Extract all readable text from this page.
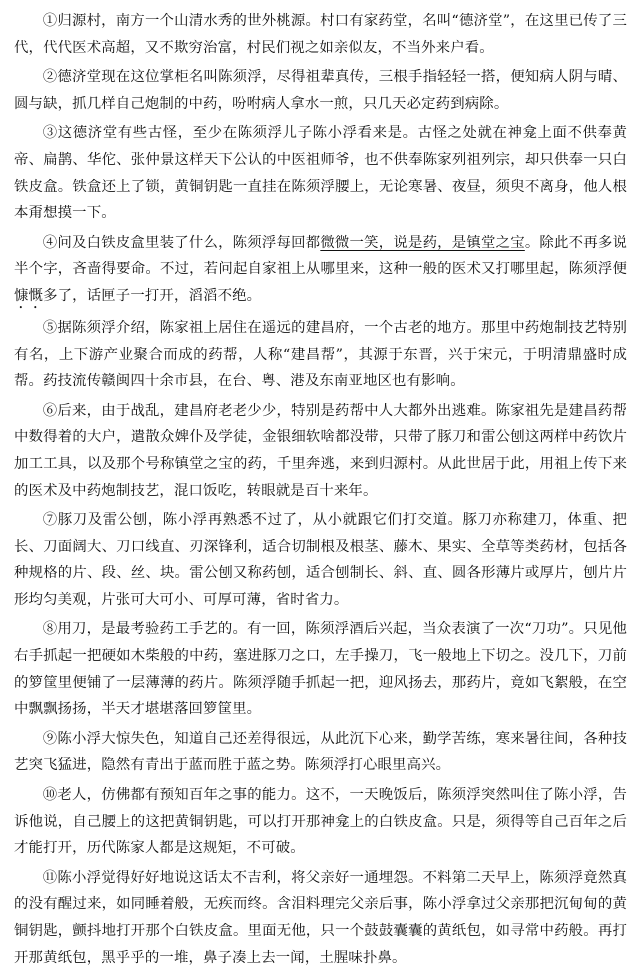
①归源村，南方一个山清水秀的世外桃源。村口有家药堂，名叫“德济堂”，在这里已传了三代，代代医术高超，又不欺穷治富，村民们视之如亲似友，不当外来户看。

②德济堂现在这位掌柜名叫陈须浮，尽得祖辈真传，三根手指轻轻一搭，便知病人阴与晴、圆与缺，抓几样自己炮制的中药，吩咐病人拿水一煎，只几天必定药到病除。

③这德济堂有些古怪，至少在陈须浮儿子陈小浮看来是。古怪之处就在神龛上面不供奉黄帝、扁鹊、华佗、张仲景这样天下公认的中医祖师爷，也不供奉陈家列祖列宗，却只供奉一只白铁皮盒。铁盒还上了锁，黄铜钥匙一直挂在陈须浮腰上，无论寒暑、夜昼，须臾不离身，他人根本甭想摸一下。

④问及白铁皮盒里装了什么，陈须浮每回都微微一笑，说是药，是镇堂之宝。除此不再多说半个字，吝啬得要命。不过，若问起自家祖上从哪里来，这种一般的医术又打哪里起，陈须浮便慷慨多了，话匣子一打开，滔滔不绝。

⑤据陈须浮介绍，陈家祖上居住在遥远的建昌府，一个古老的地方。那里中药炮制技艺特别有名，上下游产业聚合而成的药帮，人称“建昌帮”，其源于东晋，兴于宋元，于明清鼎盛时成帮。药技流传赣闽四十余市县，在台、粤、港及东南亚地区也有影响。

⑥后来，由于战乱，建昌府老老少少，特别是药帮中人大都外出逃难。陈家祖先是建昌药帮中数得着的大户，遣散众婢仆及学徒，金银细软啥都没带，只带了豚刀和雷公刨这两样中药饮片加工工具，以及那个号称镇堂之宝的药，千里奔逃，来到归源村。从此世居于此，用祖上传下来的医术及中药炮制技艺，混口饭吃，转眼就是百十来年。

⑦豚刀及雷公刨，陈小浮再熟悉不过了，从小就跟它们打交道。豚刀亦称建刀，体重、把长、刀面阔大、刀口线直、刃深锋利，适合切制根及根茎、藤木、果实、全草等类药材，包括各种规格的片、段、丝、块。雷公刨又称药刨，适合刨制长、斜、直、圆各形薄片或厚片，刨片片形均匀美观，片张可大可小、可厚可薄，省时省力。

⑧用刀，是最考验药工手艺的。有一回，陈须浮酒后兴起，当众表演了一次“刀功”。只见他右手抓起一把硬如木柴般的中药，塞进豚刀之口，左手操刀，飞一般地上下切之。没几下，刀前的箩筐里便铺了一层薄薄的药片。陈须浮随手抓起一把，迎风扬去，那药片，竟如飞絮般，在空中飘飘扬扬，半天才堪堪落回箩筐里。

⑨陈小浮大惊失色，知道自己还差得很远，从此沉下心来，勤学苦练，寒来暑往间，各种技艺突飞猛进，隐然有青出于蓝而胜于蓝之势。陈须浮打心眼里高兴。

⑩老人，仿佛都有预知百年之事的能力。这不，一天晚饭后，陈须浮突然叫住了陈小浮，告诉他说，自己腰上的这把黄铜钥匙，可以打开那神龛上的白铁皮盒。只是，须得等自己百年之后才能打开，历代陈家人都是这规矩，不可破。

⑪陈小浮觉得好好地说这话太不吉利，将父亲好一通埋怨。不料第二天早上，陈须浮竟然真的没有醒过来，如同睡着般，无疾而终。含泪料理完父亲后事，陈小浮拿过父亲那把沉甸甸的黄铜钥匙，颤抖地打开那个白铁皮盒。里面无他，只一个鼓鼓囊囊的黄纸包，如寻常中药般。再打开那黄纸包，黑乎乎的一堆，鼻子凑上去一闻，土腥味扑鼻。
